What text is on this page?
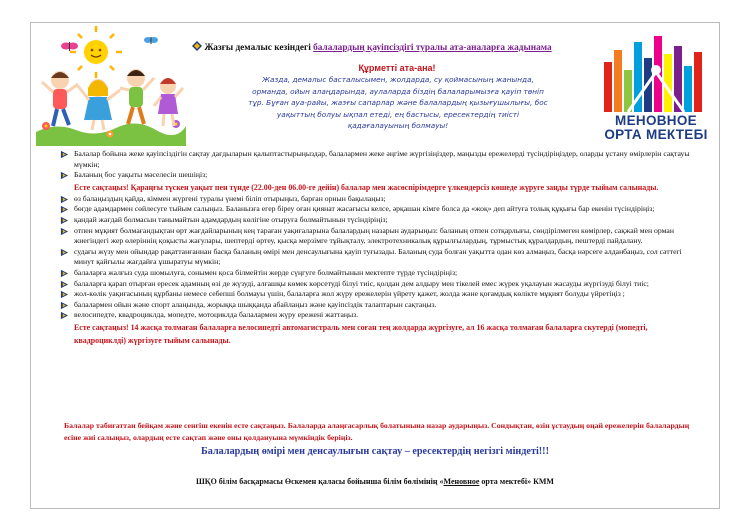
МЕНОВНОЕ
ОРТА МЕКТЕБІ
Жазғы демалыс кезіндегі балалардың қауіпсіздігі туралы ата-аналарға жадынама
Құрметті ата-ана!
Жазда, демалыс басталысымен, жолдарда, су қоймасының жанында,
орманда, ойын алаңдарында, аулаларда біздің балаларымызға қауіп төніп
тұр. Бұған ауа-райы, жазғы сапарлар және балалардың қызығушылығы, бос
уақыттың болуы ықпал етеді, ең бастысы, ересектердің тиісті
қадағалауының болмауы!
Балалар бойына жеке қауіпсіздігін сақтау дағдыларын қалыптастырыңыздар, балалармен жеке әңгіме жүргізіңіздер, маңызды ережелерді түсіндіріңіздер, оларды ұстану өмірлерін сақтауы мүмкін;
Баланың бос уақыты мәселесін шешіңіз;
Есте сақтаңыз! Қараңғы түскен уақыт пен түнде (22.00-ден 06.00-ге дейін) балалар мен жасөспірімдерге үлкендерсіз көшеде жүруге заңды түрде тыйым салынады.
өз балаңыздың қайда, кіммен жүргені туралы үнемі біліп отырыңыз, барған орнын бақылаңыз;
бөгде адамдармен сөйлесуге тыйым салыңыз. Баланызға егер біреу оған қиянат жасағысы келсе, әрқашан кімге болса да «жоқ» деп айтуға толық құқығы бар екенін түсіндіріңіз;
қандай жағдай болмасын танымайтын адамдардың көлігіне отыруға болмайтынын түсіндіріңіз;
отпен мұқият болмағандықтан өрт жағдайларының кең тараған уақиғаларына балалардың назарын аударыңыз: баланың отпен сотқарлығы, сөндірілмеген көмірлер, сақжай мен орман жиегіндегі жер өлеріннің қоқысты жағулары, шептерді өртеу, қысқа мерзімге тұйықталу, электротехникалық құрылғылардың, тұрмыстық құралдардың, пештерді пайдалану.
судағы жүзу мен ойындар рақаттанғаннан басқа баланың өмірі мен денсаулығына қауіп туғызады. Баланың суда болған уақытта одан көз алмаңыз, басқа нәрсеге алданбаңыз, сол сәттегі минут қайғылы жағдайға ұшыратуы мүмкін;
балаларға жалғыз суда шомылуға, сонымен қоса білмейтін жерде сүңгуге болмайтынын мектепте түрде түсіндіріңіз;
балаларға қарап отырған ересек адамның өзі де жүзуді, алғашқы көмек көрсетуді білуі тиіс, қолдан дем алдыру мен тікелей емес жүрек уқалауын жасауды жүргізуді білуі тиіс;
жол-көлік уақиғасының құрбаны немесе себепші болмауы үшін, балаларға жол жүру ережелерін үйрету қажет, жолда және қоғамдық көлікте мұқият болуды үйретіңіз ;
балалармен ойын және спорт алаңында, жорыққа шыққанда абайлаңыз және қауіпсіздік талаптарын сақтаңыз.
велосипедте, квадроциклда, мопедте, мотоциклда балалармен жүру ережені жаттаңыз.
Есте сақтаңыз! 14 жасқа толмаған балаларға велосипедті автомагистраль мен соған тең жолдарда жүргізуге, ал 16 жасқа толмаған балаларға скутерді (мопедті, квадроциклді) жүргізуге тыйым салынады.
Балалар табиғаттан бейқам және сенгіш екенін есте сақтаңыз. Балаларда алаңғасарлық болатынына назар аударыңыз. Сондықтан, өзін ұстаудың оңай ережелерін балалардың есіне жиі салыңыз, олардың есте сақтап және оны қолдануына мүмкіндік беріңіз.
Балалардың өмірі мен денсаулығын сақтау – ересектердің негізгі міндеті!!!
ШҚО білім басқармасы Өскемен қаласы бойынша білім бөлімінің «Меновное орта мектебі» КММ
